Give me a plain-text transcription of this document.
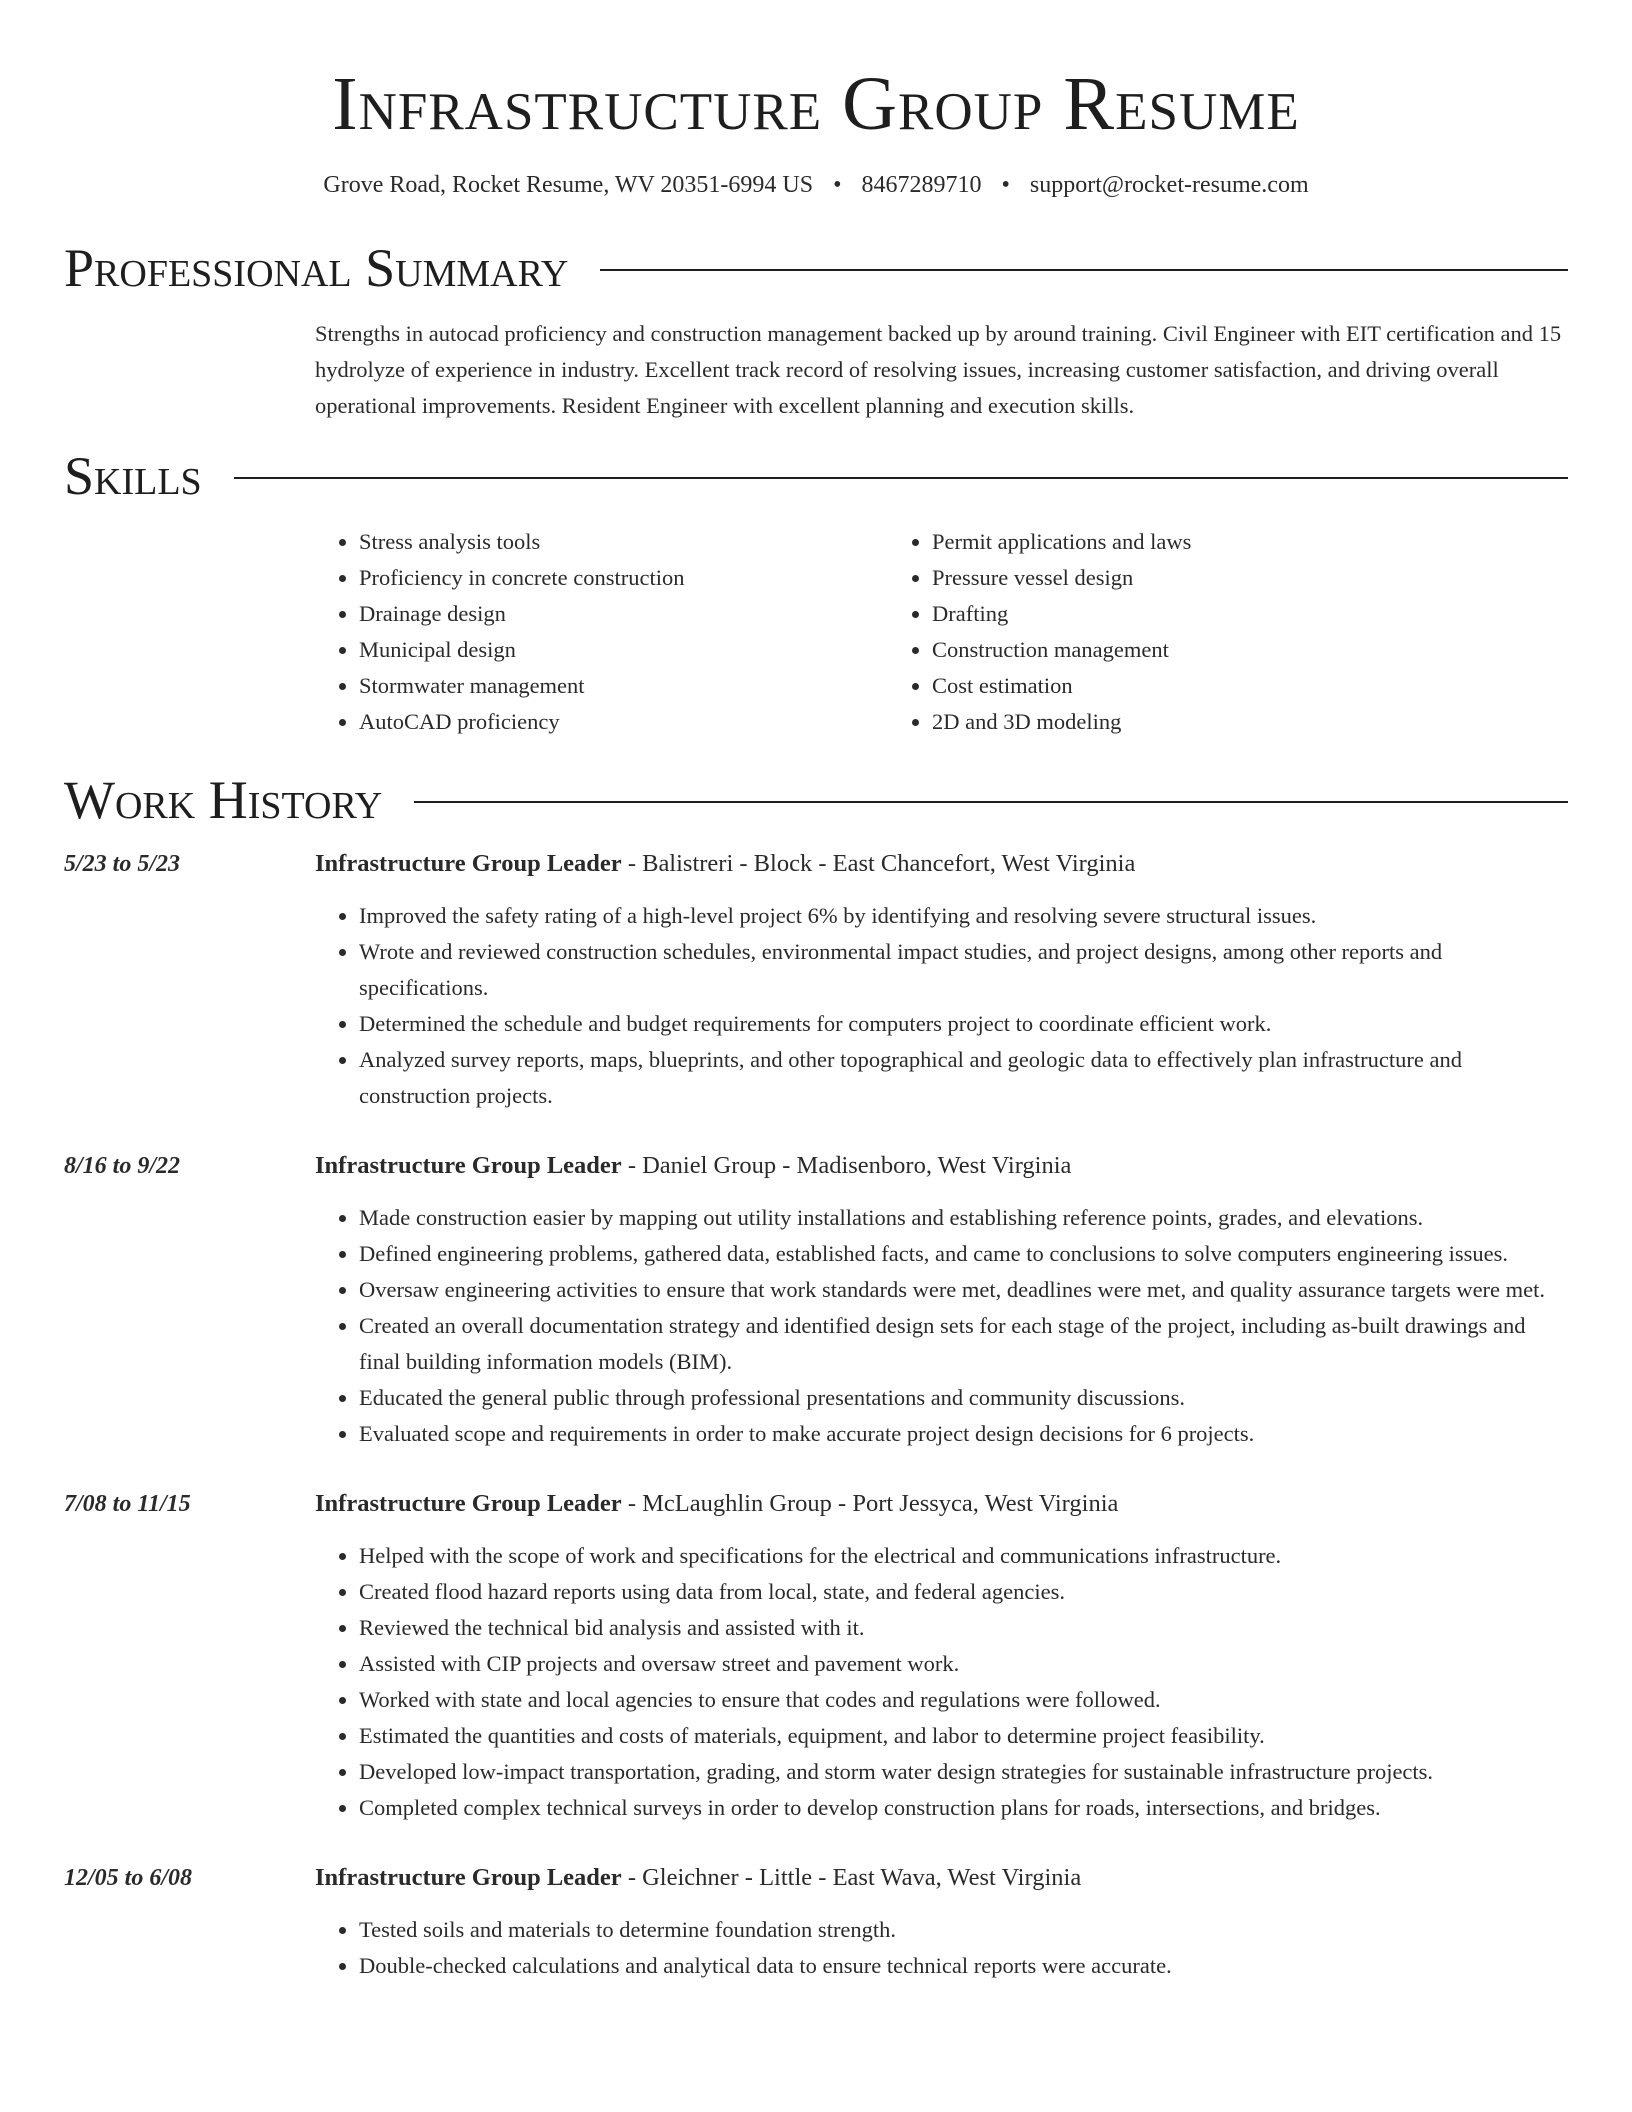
Infrastructure Group Resume
Grove Road, Rocket Resume, WV 20351-6994 US • 8467289710 • support@rocket-resume.com
Professional Summary

Strengths in autocad proficiency and construction management backed up by around training. Civil Engineer with EIT certification and 15 hydrolyze of experience in industry. Excellent track record of resolving issues, increasing customer satisfaction, and driving overall operational improvements. Resident Engineer with excellent planning and execution skills.

Skills
• Stress analysis tools
• Proficiency in concrete construction
• Drainage design
• Municipal design
• Stormwater management
• AutoCAD proficiency
• Permit applications and laws
• Pressure vessel design
• Drafting
• Construction management
• Cost estimation
• 2D and 3D modeling
Work History
5/23 to 5/23	Infrastructure Group Leader - Balistreri - Block - East Chancefort, West Virginia
• Improved the safety rating of a high-level project 6% by identifying and resolving severe structural issues.
• Wrote and reviewed construction schedules, environmental impact studies, and project designs, among other reports and specifications.
• Determined the schedule and budget requirements for computers project to coordinate efficient work.
• Analyzed survey reports, maps, blueprints, and other topographical and geologic data to effectively plan infrastructure and construction projects.
8/16 to 9/22	Infrastructure Group Leader - Daniel Group - Madisenboro, West Virginia
• Made construction easier by mapping out utility installations and establishing reference points, grades, and elevations.
• Defined engineering problems, gathered data, established facts, and came to conclusions to solve computers engineering issues.
• Oversaw engineering activities to ensure that work standards were met, deadlines were met, and quality assurance targets were met.
• Created an overall documentation strategy and identified design sets for each stage of the project, including as-built drawings and final building information models (BIM).
• Educated the general public through professional presentations and community discussions.
• Evaluated scope and requirements in order to make accurate project design decisions for 6 projects.
7/08 to 11/15	Infrastructure Group Leader - McLaughlin Group - Port Jessyca, West Virginia
• Helped with the scope of work and specifications for the electrical and communications infrastructure.
• Created flood hazard reports using data from local, state, and federal agencies.
• Reviewed the technical bid analysis and assisted with it.
• Assisted with CIP projects and oversaw street and pavement work.
• Worked with state and local agencies to ensure that codes and regulations were followed.
• Estimated the quantities and costs of materials, equipment, and labor to determine project feasibility.
• Developed low-impact transportation, grading, and storm water design strategies for sustainable infrastructure projects.
• Completed complex technical surveys in order to develop construction plans for roads, intersections, and bridges.
12/05 to 6/08	Infrastructure Group Leader - Gleichner - Little - East Wava, West Virginia
• Tested soils and materials to determine foundation strength.
• Double-checked calculations and analytical data to ensure technical reports were accurate.
